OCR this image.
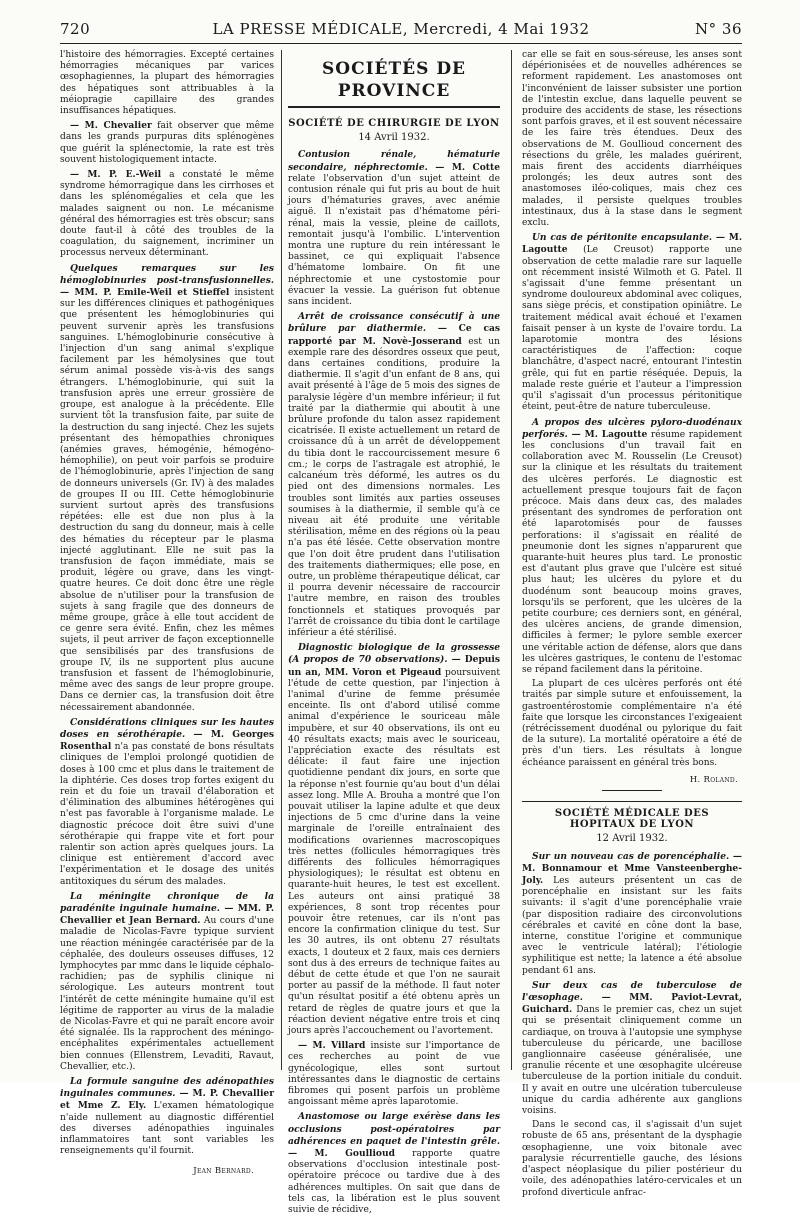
720	LA PRESSE MÉDICALE, Mercredi, 4 Mai 1932	N° 36

l'histoire des hémorragies. Excepté certaines hémorragies mécaniques par varices œsophagiennes, la plupart des hémorragies des hépatiques sont attribuables à la méiopragie capillaire des grandes insuffisances hépatiques.

— M. Chevalier fait observer que même dans les grands purpuras dits splénogènes que guérit la splénectomie, la rate est très souvent histologiquement intacte.

— M. P. E.-Weil a constaté le même syndrome hémorragique dans les cirrhoses et dans les splénomégalies et cela que les malades saignent ou non. Le mécanisme général des hémorragies est très obscur; sans doute faut-il à côté des troubles de la coagulation, du saignement, incriminer un processus nerveux déterminant.

Quelques remarques sur les hémoglobinuries post-transfusionnelles. — MM. P. Emile-Weil et Stieffel insistent sur les différences cliniques et pathogéniques que présentent les hémoglobinuries qui peuvent survenir après les transfusions sanguines. L'hémoglobinurie consécutive à l'injection d'un sang animal s'explique facilement par les hémolysines que tout sérum animal possède vis-à-vis des sangs étrangers. L'hémoglobinurie, qui suit la transfusion après une erreur grossière de groupe, est analogue à la précédente. Elle survient tôt la transfusion faite, par suite de la destruction du sang injecté. Chez les sujets présentant des hémopathies chroniques (anémies graves, hémogénie, hémogéno-hémophilie), on peut voir parfois se produire de l'hémoglobinurie, après l'injection de sang de donneurs universels (Gr. IV) à des malades de groupes II ou III. Cette hémoglobinurie survient surtout après des transfusions répétées: elle est due non plus à la destruction du sang du donneur, mais à celle des hématies du récepteur par le plasma injecté agglutinant. Elle ne suit pas la transfusion de façon immédiate, mais se produit, légère ou grave, dans les vingt-quatre heures. Ce doit donc être une règle absolue de n'utiliser pour la transfusion de sujets à sang fragile que des donneurs de même groupe, grâce à elle tout accident de ce genre sera évité. Enfin, chez les mêmes sujets, il peut arriver de façon exceptionnelle que sensibilisés par des transfusions de groupe IV, ils ne supportent plus aucune transfusion et fassent de l'hémoglobinurie, même avec des sangs de leur propre groupe. Dans ce dernier cas, la transfusion doit être nécessairement abandonnée.

Considérations cliniques sur les hautes doses en sérothérapie. — M. Georges Rosenthal n'a pas constaté de bons résultats cliniques de l'emploi prolongé quotidien de doses à 100 cmc et plus dans le traitement de la diphtérie. Ces doses trop fortes exigent du rein et du foie un travail d'élaboration et d'élimination des albumines hétérogènes qui n'est pas favorable à l'organisme malade. Le diagnostic précoce doit être suivi d'une sérothérapie qui frappe vite et fort pour ralentir son action après quelques jours. La clinique est entièrement d'accord avec l'expérimentation et le dosage des unités antitoxiques du sérum des malades.

La méningite chronique de la paradénite inguinale humaine. — MM. P. Chevallier et Jean Bernard. Au cours d'une maladie de Nicolas-Favre typique survient une réaction méningée caractérisée par de la céphalée, des douleurs osseuses diffuses, 12 lymphocytes par mmc dans le liquide céphalo-rachidien; pas de syphilis clinique ni sérologique. Les auteurs montrent tout l'intérêt de cette méningite humaine qu'il est légitime de rapporter au virus de la maladie de Nicolas-Favre et qui ne paraît encore avoir été signalée. Ils la rapprochent des méningo-encéphalites expérimentales actuellement bien connues (Ellenstrem, Levaditi, Ravaut, Chevallier, etc.).

La formule sanguine des adénopathies inguinales communes. — M. P. Chevallier et Mme Z. Ely. L'examen hématologique n'aide nullement au diagnostic différentiel des diverses adénopathies inguinales inflammatoires tant sont variables les renseignements qu'il fournit.

Jean Bernard.
SOCIÉTÉS DE PROVINCE
SOCIÉTÉ DE CHIRURGIE DE LYON
14 Avril 1932.

Contusion rénale, hématurie secondaire, néphrectomie. — M. Cotte relate l'observation d'un sujet atteint de contusion rénale qui fut pris au bout de huit jours d'hématuries graves, avec anémie aiguë. Il n'existait pas d'hématome péri-rénal, mais la vessie, pleine de caillots, remontait jusqu'à l'ombilic. L'intervention montra une rupture du rein intéressant le bassinet, ce qui expliquait l'absence d'hématome lombaire. On fit une néphrectomie et une cystostomie pour évacuer la vessie. La guérison fut obtenue sans incident.

Arrêt de croissance consécutif à une brûlure par diathermie. — Ce cas rapporté par M. Novè-Josserand est un exemple rare des désordres osseux que peut, dans certaines conditions, produire la diathermie. Il s'agit d'un enfant de 8 ans, qui avait présenté à l'âge de 5 mois des signes de paralysie légère d'un membre inférieur; il fut traité par la diathermie qui aboutit à une brûlure profonde du talon assez rapidement cicatrisée. Il existe actuellement un retard de croissance dû à un arrêt de développement du tibia dont le raccourcissement mesure 6 cm.; le corps de l'astragale est atrophié, le calcanéum très déformé, les autres os du pied ont des dimensions normales. Les troubles sont limités aux parties osseuses soumises à la diathermie, il semble qu'à ce niveau ait été produite une véritable stérilisation, même en des régions où la peau n'a pas été lésée. Cette observation montre que l'on doit être prudent dans l'utilisation des traitements diathermiques; elle pose, en outre, un problème thérapeutique délicat, car il pourra devenir nécessaire de raccourcir l'autre membre, en raison des troubles fonctionnels et statiques provoqués par l'arrêt de croissance du tibia dont le cartilage inférieur a été stérilisé.

Diagnostic biologique de la grossesse (A propos de 70 observations). — Depuis un an, MM. Voron et Pigeaud poursuivent l'étude de cette question, par l'injection à l'animal d'urine de femme présumée enceinte. Ils ont d'abord utilisé comme animal d'expérience le souriceau mâle impubère, et sur 40 observations, ils ont eu 40 résultats exacts; mais avec le souriceau, l'appréciation exacte des résultats est délicate: il faut faire une injection quotidienne pendant dix jours, en sorte que la réponse n'est fournie qu'au bout d'un délai assez long. Mlle A. Brouha a montré que l'on pouvait utiliser la lapine adulte et que deux injections de 5 cmc d'urine dans la veine marginale de l'oreille entraînaient des modifications ovariennes macroscopiques très nettes (follicules hémorragiques très différents des follicules hémorragiques physiologiques); le résultat est obtenu en quarante-huit heures, le test est excellent. Les auteurs ont ainsi pratiqué 38 expériences, 8 sont trop récentes pour pouvoir être retenues, car ils n'ont pas encore la confirmation clinique du test. Sur les 30 autres, ils ont obtenu 27 résultats exacts, 1 douteux et 2 faux, mais ces derniers sont dus à des erreurs de technique faites au début de cette étude et que l'on ne saurait porter au passif de la méthode. Il faut noter qu'un résultat positif a été obtenu après un retard de règles de quatre jours et que la réaction devient négative entre trois et cinq jours après l'accouchement ou l'avortement.

— M. Villard insiste sur l'importance de ces recherches au point de vue gynécologique, elles sont surtout intéressantes dans le diagnostic de certains fibromes qui posent parfois un problème angoissant même après laparotomie.

Anastomose ou large exérèse dans les occlusions post-opératoires par adhérences en paquet de l'intestin grêle. — M. Goullioud rapporte quatre observations d'occlusion intestinale post-opératoire précoce ou tardive due à des adhérences multiples. On sait que dans de tels cas, la libération est le plus souvent suivie de récidive,

car elle se fait en sous-séreuse, les anses sont dépérionisées et de nouvelles adhérences se reforment rapidement. Les anastomoses ont l'inconvénient de laisser subsister une portion de l'intestin exclue, dans laquelle peuvent se produire des accidents de stase, les résections sont parfois graves, et il est souvent nécessaire de les faire très étendues. Deux des observations de M. Goullioud concernent des résections du grêle, les malades guérirent, mais firent des accidents diarrhéiques prolongés; les deux autres sont des anastomoses iléo-coliques, mais chez ces malades, il persiste quelques troubles intestinaux, dus à la stase dans le segment exclu.

Un cas de péritonite encapsulante. — M. Lagoutte (Le Creusot) rapporte une observation de cette maladie rare sur laquelle ont récemment insisté Wilmoth et G. Patel. Il s'agissait d'une femme présentant un syndrome douloureux abdominal avec coliques, sans siège précis, et constipation opiniâtre. Le traitement médical avait échoué et l'examen faisait penser à un kyste de l'ovaire tordu. La laparotomie montra des lésions caractéristiques de l'affection: coque blanchâtre, d'aspect nacré, entourant l'intestin grêle, qui fut en partie réséquée. Depuis, la malade reste guérie et l'auteur a l'impression qu'il s'agissait d'un processus péritonitique éteint, peut-être de nature tuberculeuse.

A propos des ulcères pyloro-duodénaux perforés. — M. Lagoutte résume rapidement les conclusions d'un travail fait en collaboration avec M. Rousselin (Le Creusot) sur la clinique et les résultats du traitement des ulcères perforés. Le diagnostic est actuellement presque toujours fait de façon précoce. Mais dans deux cas, des malades présentant des syndromes de perforation ont été laparotomisés pour de fausses perforations: il s'agissait en réalité de pneumonie dont les signes n'apparurent que quarante-huit heures plus tard. Le pronostic est d'autant plus grave que l'ulcère est situé plus haut; les ulcères du pylore et du duodénum sont beaucoup moins graves, lorsqu'ils se perforent, que les ulcères de la petite courbure; ces derniers sont, en général, des ulcères anciens, de grande dimension, difficiles à fermer; le pylore semble exercer une véritable action de défense, alors que dans les ulcères gastriques, le contenu de l'estomac se répand facilement dans la péritoine.

La plupart de ces ulcères perforés ont été traités par simple suture et enfouissement, la gastroentérostomie complémentaire n'a été faite que lorsque les circonstances l'exigeaient (rétrécissement duodénal ou pylorique du fait de la suture). La mortalité opératoire a été de près d'un tiers. Les résultats à longue échéance paraissent en général très bons.

H. Roland.
SOCIÉTÉ MÉDICALE DES HOPITAUX DE LYON
12 Avril 1932.

Sur un nouveau cas de porencéphalie. — M. Bonnamour et Mme Vansteenberghe-Joly. Les auteurs présentent un cas de porencéphalie en insistant sur les faits suivants: il s'agit d'une porencéphalie vraie (par disposition radiaire des circonvolutions cérébrales et cavité en cône dont la base, interne, constitue l'origine et communique avec le ventricule latéral); l'étiologie syphilitique est nette; la latence a été absolue pendant 61 ans.

Sur deux cas de tuberculose de l'œsophage. — MM. Paviot-Levrat, Guichard. Dans le premier cas, chez un sujet qui se présentait cliniquement comme un cardiaque, on trouva à l'autopsie une symphyse tuberculeuse du péricarde, une bacillose ganglionnaire caséeuse généralisée, une granulie récente et une œsophagite ulcéreuse tuberculeuse de la portion initiale du conduit. Il y avait en outre une ulcération tuberculeuse unique du cardia adhérente aux ganglions voisins.

Dans le second cas, il s'agissait d'un sujet robuste de 65 ans, présentant de la dysphagie œsophagienne, une voix bitonale avec paralysie récurrentielle gauche, des lésions d'aspect néoplasique du pilier postérieur du voile, des adénopathies latéro-cervicales et un profond diverticule anfrac-
